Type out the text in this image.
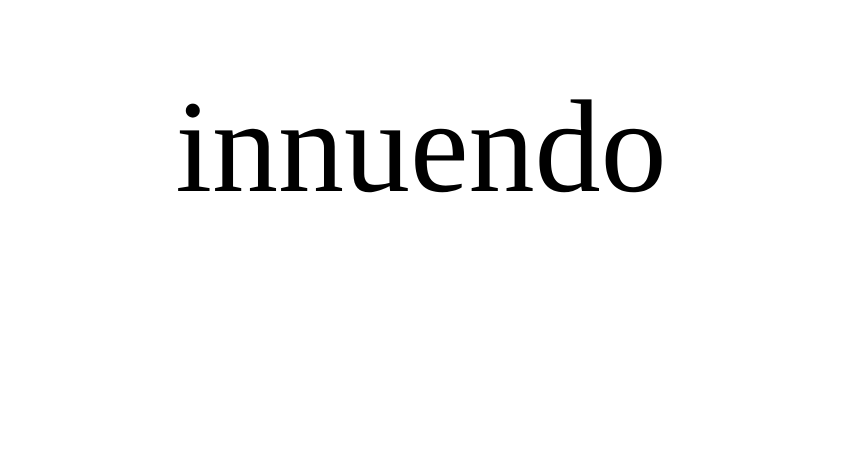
innuendo
